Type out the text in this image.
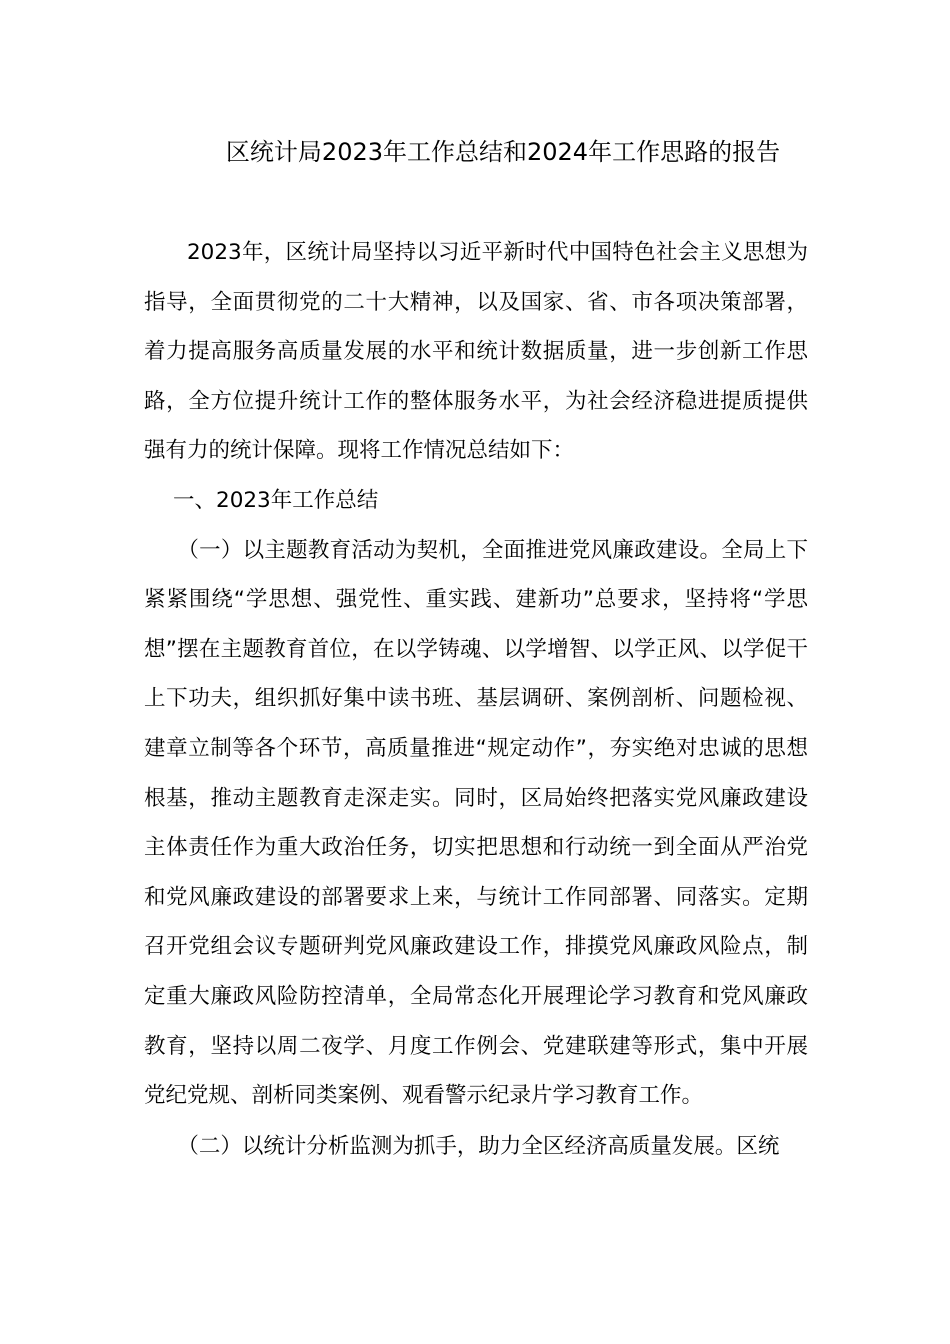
区统计局2023年工作总结和2024年工作思路的报告

2023年，区统计局坚持以习近平新时代中国特色社会主义思想为指导，全面贯彻党的二十大精神，以及国家、省、市各项决策部署，着力提高服务高质量发展的水平和统计数据质量，进一步创新工作思路，全方位提升统计工作的整体服务水平，为社会经济稳进提质提供强有力的统计保障。现将工作情况总结如下：

一、2023年工作总结

（一）以主题教育活动为契机，全面推进党风廉政建设。全局上下紧紧围绕“学思想、强党性、重实践、建新功”总要求，坚持将“学思想”摆在主题教育首位，在以学铸魂、以学增智、以学正风、以学促干上下功夫，组织抓好集中读书班、基层调研、案例剖析、问题检视、建章立制等各个环节，高质量推进“规定动作”，夯实绝对忠诚的思想根基，推动主题教育走深走实。同时，区局始终把落实党风廉政建设主体责任作为重大政治任务，切实把思想和行动统一到全面从严治党和党风廉政建设的部署要求上来，与统计工作同部署、同落实。定期召开党组会议专题研判党风廉政建设工作，排摸党风廉政风险点，制定重大廉政风险防控清单，全局常态化开展理论学习教育和党风廉政教育，坚持以周二夜学、月度工作例会、党建联建等形式，集中开展党纪党规、剖析同类案例、观看警示纪录片学习教育工作。

（二）以统计分析监测为抓手，助力全区经济高质量发展。区统
